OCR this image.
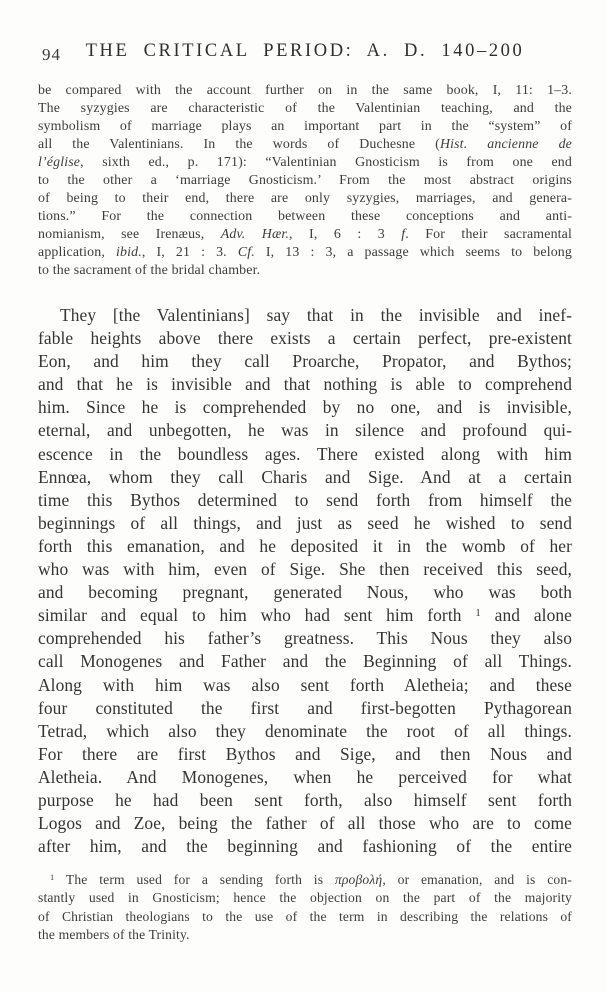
94	THE CRITICAL PERIOD: A. D. 140–200
be compared with the account further on in the same book, I, 11: 1–3.
The syzygies are characteristic of the Valentinian teaching, and the
symbolism of marriage plays an important part in the “system” of
all the Valentinians. In the words of Duchesne (Hist. ancienne de
l’église, sixth ed., p. 171): “Valentinian Gnosticism is from one end
to the other a ‘marriage Gnosticism.’ From the most abstract origins
of being to their end, there are only syzygies, marriages, and genera-
tions.” For the connection between these conceptions and anti-
nomianism, see Irenæus, Adv. Hær., I, 6 : 3 f. For their sacramental
application, ibid., I, 21 : 3. Cf. I, 13 : 3, a passage which seems to belong
to the sacrament of the bridal chamber.
They [the Valentinians] say that in the invisible and inef-
fable heights above there exists a certain perfect, pre-existent
Eon, and him they call Proarche, Propator, and Bythos;
and that he is invisible and that nothing is able to comprehend
him. Since he is comprehended by no one, and is invisible,
eternal, and unbegotten, he was in silence and profound qui-
escence in the boundless ages. There existed along with him
Ennœa, whom they call Charis and Sige. And at a certain
time this Bythos determined to send forth from himself the
beginnings of all things, and just as seed he wished to send
forth this emanation, and he deposited it in the womb of her
who was with him, even of Sige. She then received this seed,
and becoming pregnant, generated Nous, who was both
similar and equal to him who had sent him forth $^1$ and alone
comprehended his father’s greatness. This Nous they also
call Monogenes and Father and the Beginning of all Things.
Along with him was also sent forth Aletheia; and these
four constituted the first and first-begotten Pythagorean
Tetrad, which also they denominate the root of all things.
For there are first Bythos and Sige, and then Nous and
Aletheia. And Monogenes, when he perceived for what
purpose he had been sent forth, also himself sent forth
Logos and Zoe, being the father of all those who are to come
after him, and the beginning and fashioning of the entire
$^1$ The term used for a sending forth is προβολή, or emanation, and is con-
stantly used in Gnosticism; hence the objection on the part of the majority
of Christian theologians to the use of the term in describing the relations of
the members of the Trinity.
